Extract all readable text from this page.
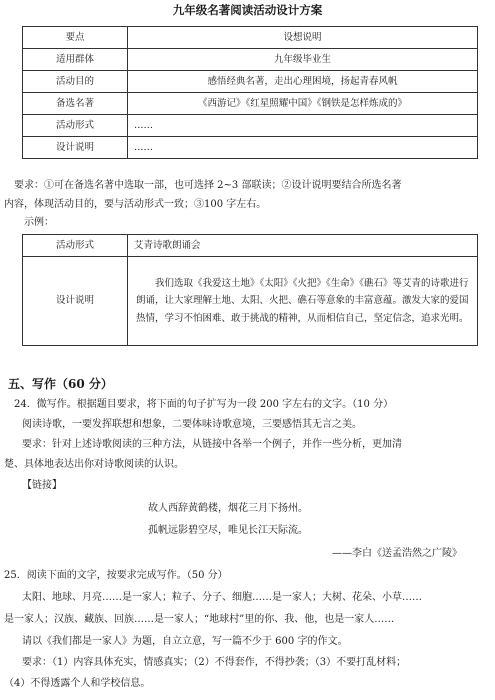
九年级名著阅读活动设计方案
要点	设想说明
适用群体	九年级毕业生
活动目的	感悟经典名著，走出心理困境，扬起青春风帆
备选名著	《西游记》《红星照耀中国》《钢铁是怎样炼成的》
活动形式	……
设计说明	……
要求：①可在备选名著中选取一部，也可选择 2~3 部联读；②设计说明要结合所选名著
内容，体现活动目的，要与活动形式一致；③100 字左右。
示例：
活动形式	艾青诗歌朗诵会
设计说明	我们选取《我爱这土地》《太阳》《火把》《生命》《礁石》等艾青的诗歌进行朗诵，让大家理解土地、太阳、火把、礁石等意象的丰富意蕴。激发大家的爱国热情，学习不怕困难、敢于挑战的精神，从而相信自己，坚定信念，追求光明。
五、写作（60 分）
24．微写作。根据题目要求，将下面的句子扩写为一段 200 字左右的文字。（10 分）
阅读诗歌，一要发挥联想和想象，二要体味诗歌意境，三要感悟其无言之美。
要求：针对上述诗歌阅读的三种方法，从链接中各举一个例子，并作一些分析，更加清
楚、具体地表达出你对诗歌阅读的认识。
【链接】
故人西辞黄鹤楼，烟花三月下扬州。
孤帆远影碧空尽，唯见长江天际流。
——李白《送孟浩然之广陵》
25．阅读下面的文字，按要求完成写作。（50 分）
太阳、地球、月亮……是一家人；粒子、分子、细胞……是一家人；大树、花朵、小草……
是一家人；汉族、藏族、回族……是一家人；“地球村”里的你、我、他，也是一家人……
请以《我们都是一家人》为题，自立立意，写一篇不少于 600 字的作文。
要求：（1）内容具体充实，情感真实；（2）不得套作，不得抄袭；（3）不要打乱材料；
（4）不得透露个人和学校信息。
